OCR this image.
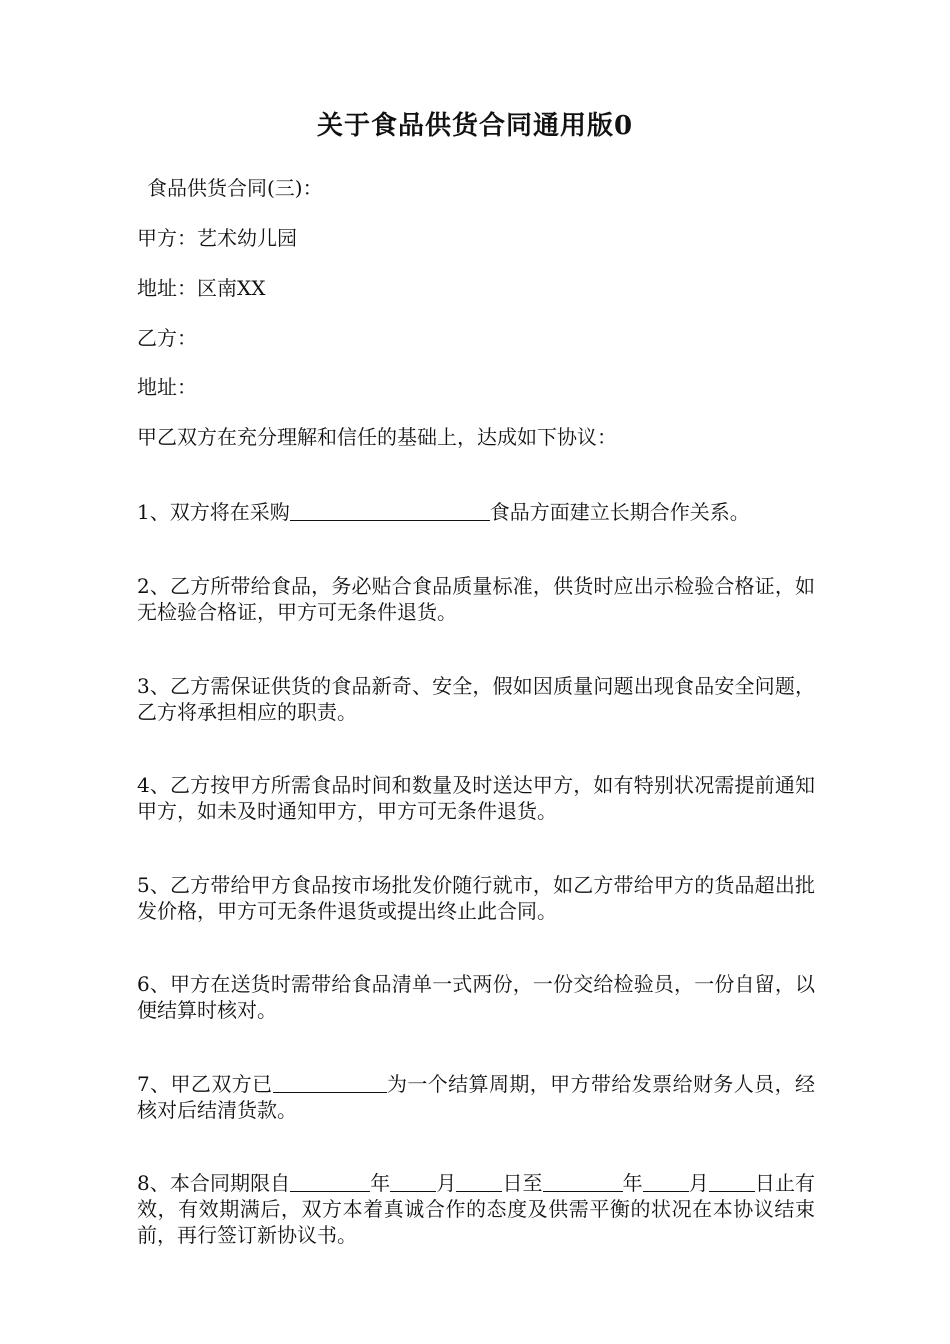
关于食品供货合同通用版0
食品供货合同(三)：
甲方：艺术幼儿园
地址：区南XX
乙方：
地址：
甲乙双方在充分理解和信任的基础上，达成如下协议：
1、双方将在采购	食品方面建立长期合作关系。
2、乙方所带给食品，务必贴合食品质量标准，供货时应出示检验合格证，如无检验合格证，甲方可无条件退货。
3、乙方需保证供货的食品新奇、安全，假如因质量问题出现食品安全问题，乙方将承担相应的职责。
4、乙方按甲方所需食品时间和数量及时送达甲方，如有特别状况需提前通知甲方，如未及时通知甲方，甲方可无条件退货。
5、乙方带给甲方食品按市场批发价随行就市，如乙方带给甲方的货品超出批发价格，甲方可无条件退货或提出终止此合同。
6、甲方在送货时需带给食品清单一式两份，一份交给检验员，一份自留，以便结算时核对。
7、甲乙双方已	为一个结算周期，甲方带给发票给财务人员，经核对后结清货款。
8、本合同期限自	年 月 日至	年 月 日止有效，有效期满后，双方本着真诚合作的态度及供需平衡的状况在本协议结束前，再行签订新协议书。
